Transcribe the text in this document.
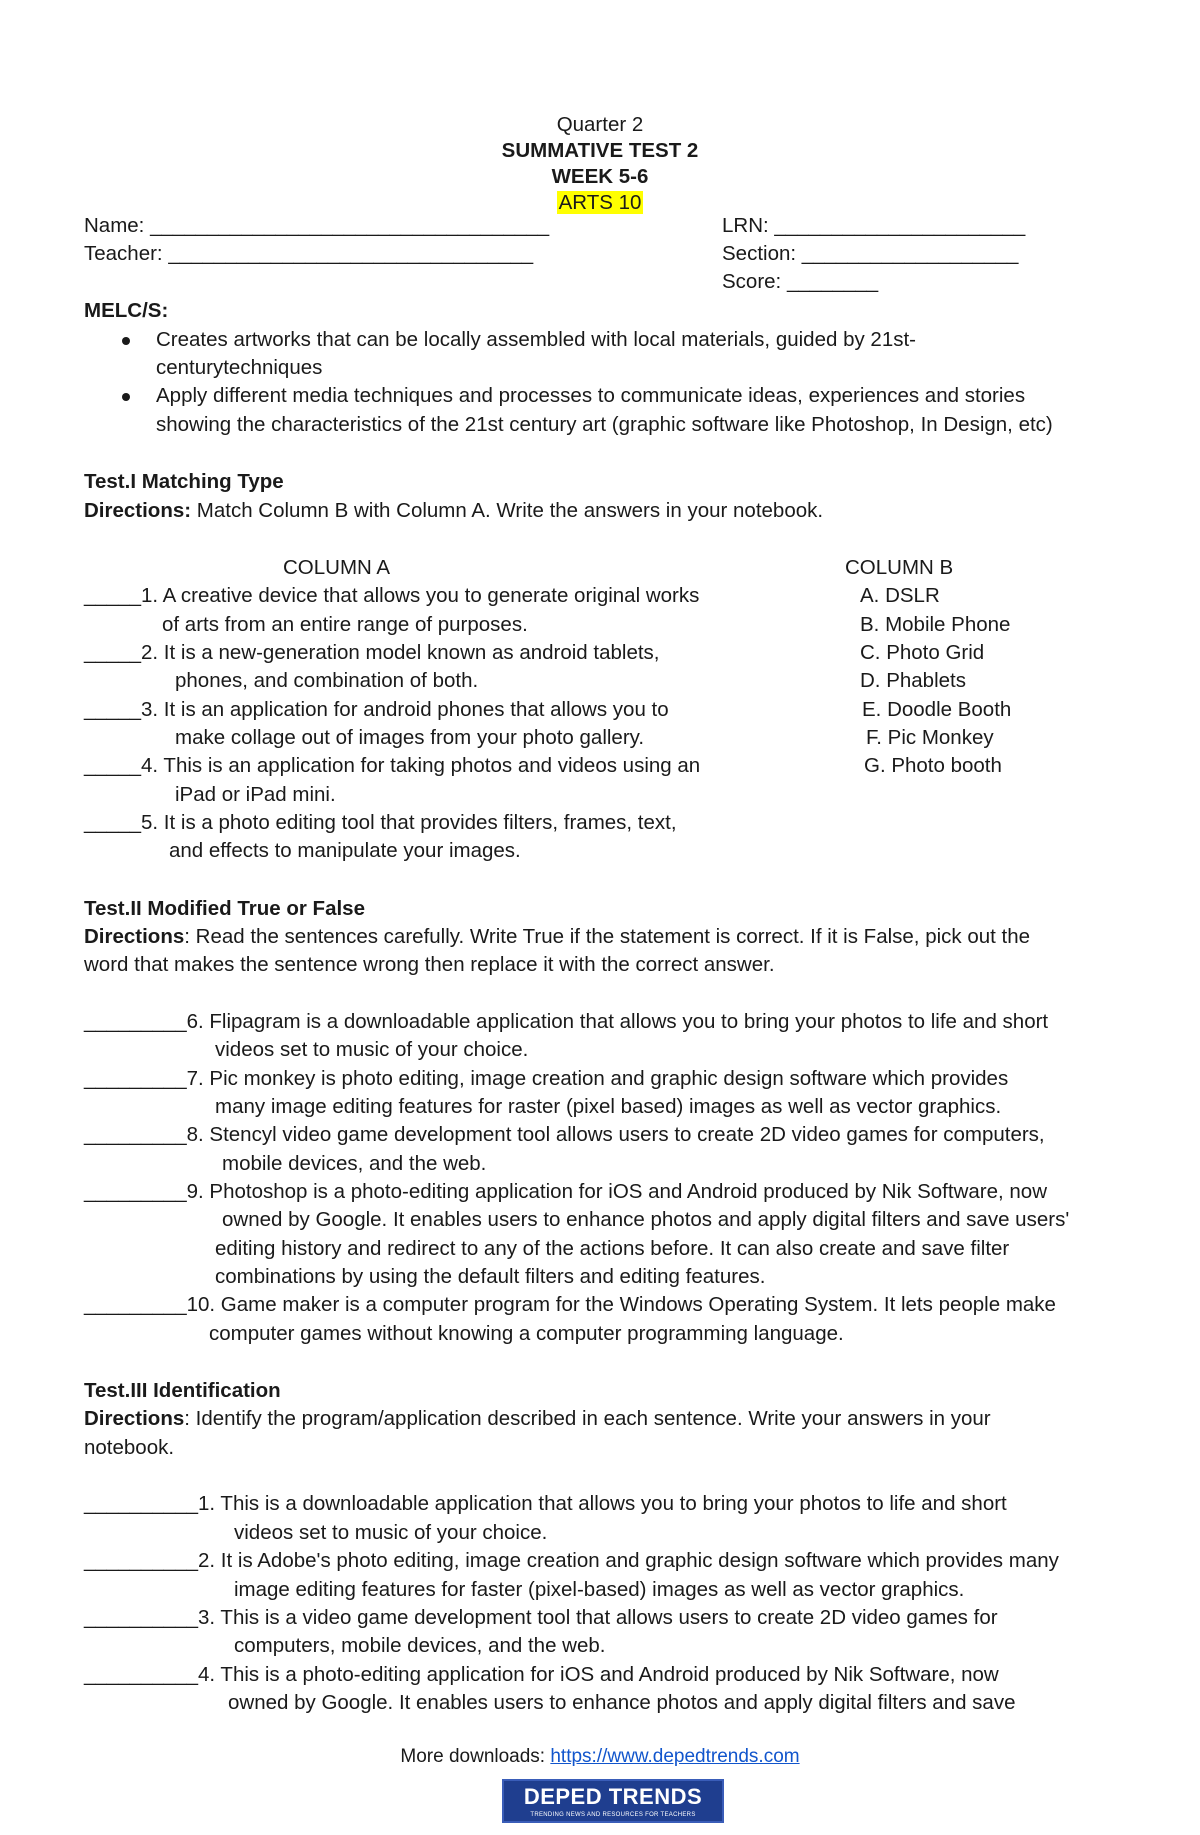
Quarter 2
SUMMATIVE TEST 2
WEEK 5-6
ARTS 10
Name: ___________________________________
Teacher: ________________________________
LRN: ______________________
Section: ___________________
Score: ________
MELC/S:
Creates artworks that can be locally assembled with local materials, guided by 21st-
centurytechniques
Apply different media techniques and processes to communicate ideas, experiences and stories
showing the characteristics of the 21st century art (graphic software like Photoshop, In Design, etc)
Test.I Matching Type
Directions: Match Column B with Column A. Write the answers in your notebook.
COLUMN A	COLUMN B
_____1. A creative device that allows you to generate original works
of arts from an entire range of purposes.
_____2. It is a new-generation model known as android tablets,
phones, and combination of both.
_____3. It is an application for android phones that allows you to
make collage out of images from your photo gallery.
_____4. This is an application for taking photos and videos using an
iPad or iPad mini.
_____5. It is a photo editing tool that provides filters, frames, text,
and effects to manipulate your images.
A. DSLR
B. Mobile Phone
C. Photo Grid
D. Phablets
E. Doodle Booth
F. Pic Monkey
G. Photo booth
Test.II Modified True or False
Directions: Read the sentences carefully. Write True if the statement is correct. If it is False, pick out the
word that makes the sentence wrong then replace it with the correct answer.
_________6. Flipagram is a downloadable application that allows you to bring your photos to life and short
videos set to music of your choice.
_________7. Pic monkey is photo editing, image creation and graphic design software which provides
many image editing features for raster (pixel based) images as well as vector graphics.
_________8. Stencyl video game development tool allows users to create 2D video games for computers,
mobile devices, and the web.
_________9. Photoshop is a photo-editing application for iOS and Android produced by Nik Software, now
owned by Google. It enables users to enhance photos and apply digital filters and save users'
editing history and redirect to any of the actions before. It can also create and save filter
combinations by using the default filters and editing features.
_________10. Game maker is a computer program for the Windows Operating System. It lets people make
computer games without knowing a computer programming language.
Test.III Identification
Directions: Identify the program/application described in each sentence. Write your answers in your
notebook.
__________1. This is a downloadable application that allows you to bring your photos to life and short
videos set to music of your choice.
__________2. It is Adobe's photo editing, image creation and graphic design software which provides many
image editing features for faster (pixel-based) images as well as vector graphics.
__________3. This is a video game development tool that allows users to create 2D video games for
computers, mobile devices, and the web.
__________4. This is a photo-editing application for iOS and Android produced by Nik Software, now
owned by Google. It enables users to enhance photos and apply digital filters and save
More downloads: https://www.depedtrends.com
DEPED TRENDS
TRENDING NEWS AND RESOURCES FOR TEACHERS
